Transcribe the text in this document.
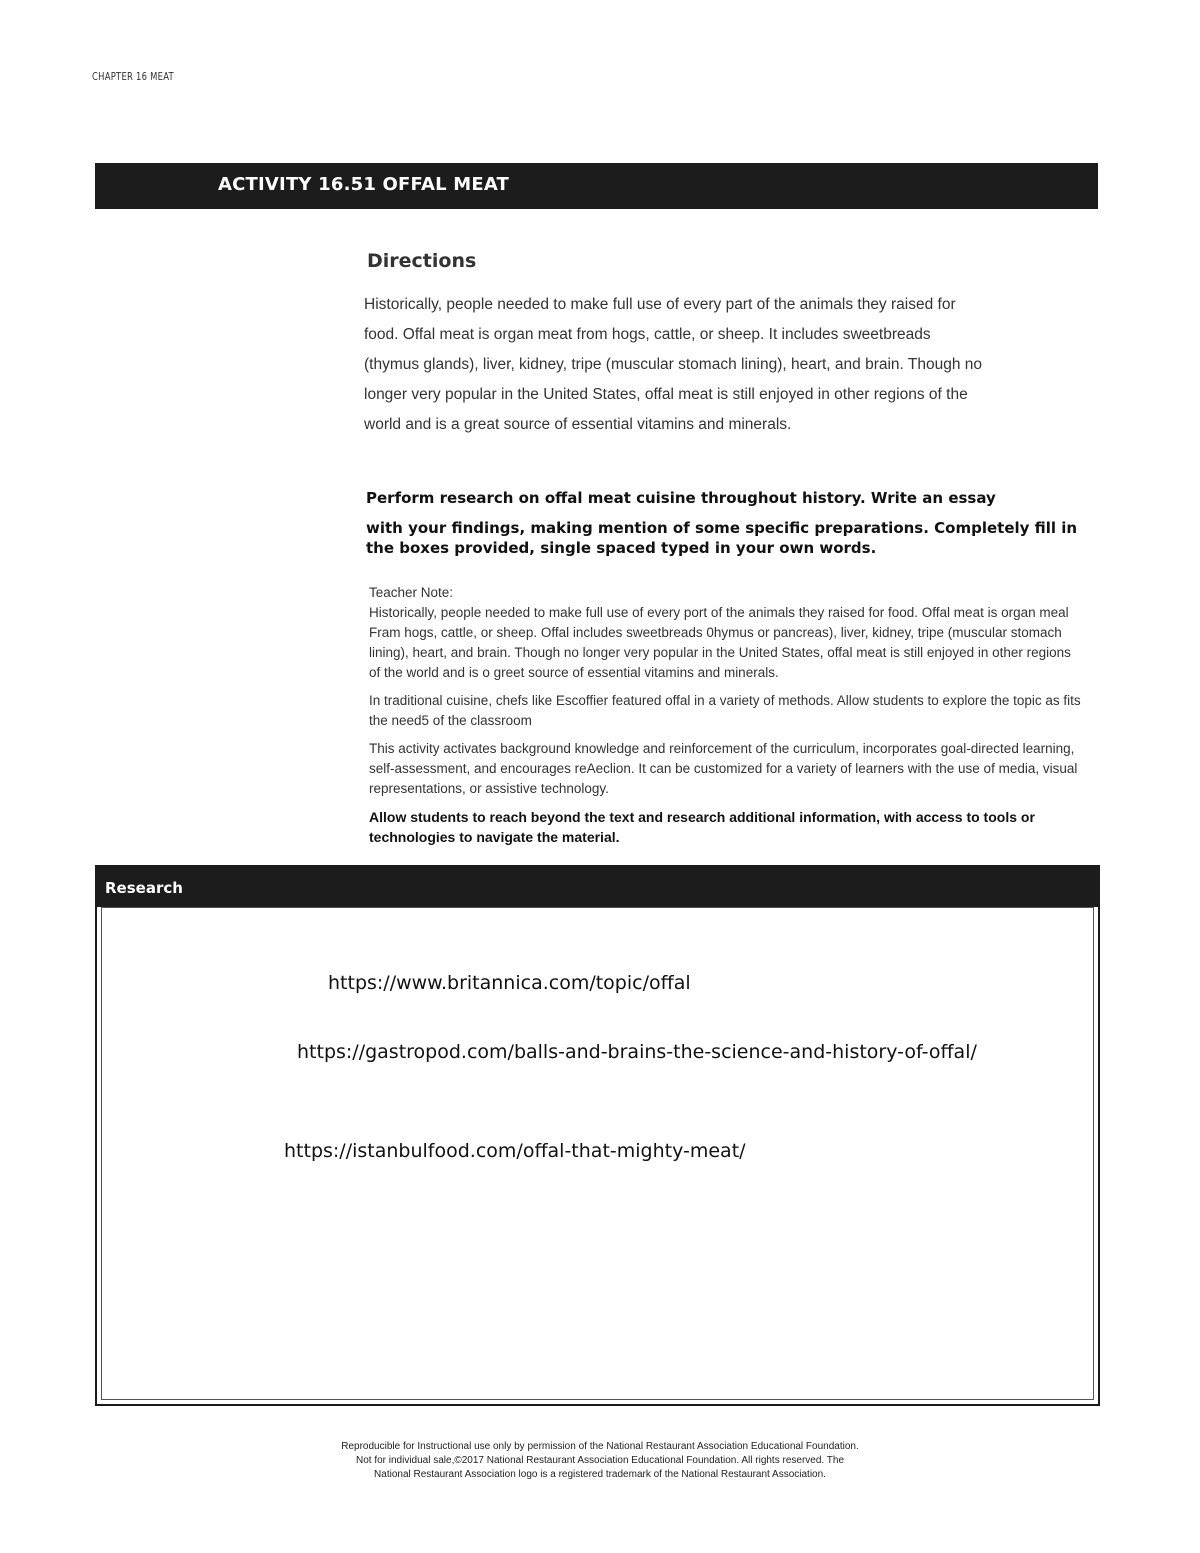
CHAPTER 16 MEAT
ACTIVITY 16.51 OFFAL MEAT
Directions
Historically, people needed to make full use of every part of the animals they raised for food. Offal meat is organ meat from hogs, cattle, or sheep. It includes sweetbreads (thymus glands), liver, kidney, tripe (muscular stomach lining), heart, and brain. Though no longer very popular in the United States, offal meat is still enjoyed in other regions of the world and is a great source of essential vitamins and minerals.
Perform research on offal meat cuisine throughout history. Write an essay
with your findings, making mention of some specific preparations. Completely fill in the boxes provided, single spaced typed in your own words.

Teacher Note:

Historically, people needed to make full use of every port of the animals they raised for food. Offal meat is organ meal Fram hogs, cattle, or sheep. Offal includes sweetbreads 0hymus or pancreas), liver, kidney, tripe (muscular stomach lining), heart, and brain. Though no longer very popular in the United States, offal meat is still enjoyed in other regions of the world and is o greet source of essential vitamins and minerals.

In traditional cuisine, chefs like Escoffier featured offal in a variety of methods. Allow students to explore the topic as fits the need5 of the classroom

This activity activates background knowledge and reinforcement of the curriculum, incorporates goal-directed learning, self-assessment, and encourages reAeclion. It can be customized for a variety of learners with the use of media, visual representations, or assistive technology.

Allow students to reach beyond the text and research additional information, with access to tools or technologies to navigate the material.

Research
https://www.britannica.com/topic/offal
https://gastropod.com/balls-and-brains-the-science-and-history-of-offal/
https://istanbulfood.com/offal-that-mighty-meat/
Reproducible for Instructional use only by permission of the National Restaurant Association Educational Foundation.
Not for individual sale,©2017 National Restaurant Association Educational Foundation. All rights reserved. The
National Restaurant Association logo is a registered trademark of the National Restaurant Association.
